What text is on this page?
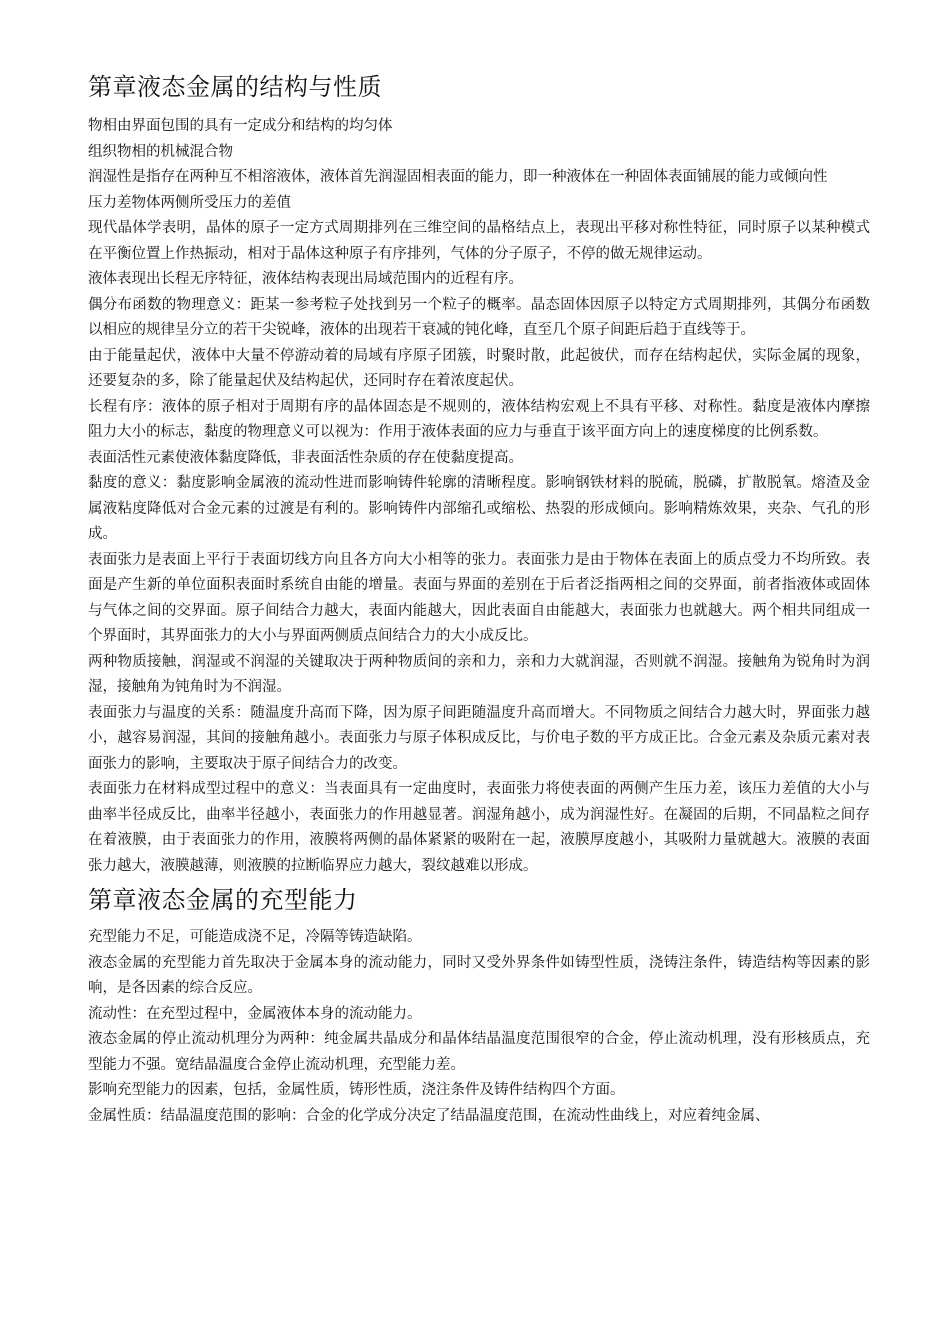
第章液态金属的结构与性质

物相由界面包围的具有一定成分和结构的均匀体

组织物相的机械混合物

润湿性是指存在两种互不相溶液体，液体首先润湿固相表面的能力，即一种液体在一种固体表面铺展的能力或倾向性

压力差物体两侧所受压力的差值

现代晶体学表明，晶体的原子一定方式周期排列在三维空间的晶格结点上，表现出平移对称性特征，同时原子以某种模式在平衡位置上作热振动，相对于晶体这种原子有序排列，气体的分子原子，不停的做无规律运动。

液体表现出长程无序特征，液体结构表现出局域范围内的近程有序。

偶分布函数的物理意义：距某一参考粒子处找到另一个粒子的概率。晶态固体因原子以特定方式周期排列，其偶分布函数以相应的规律呈分立的若干尖锐峰，液体的出现若干衰减的钝化峰，直至几个原子间距后趋于直线等于。

由于能量起伏，液体中大量不停游动着的局域有序原子团簇，时聚时散，此起彼伏，而存在结构起伏，实际金属的现象，还要复杂的多，除了能量起伏及结构起伏，还同时存在着浓度起伏。

长程有序：液体的原子相对于周期有序的晶体固态是不规则的，液体结构宏观上不具有平移、对称性。黏度是液体内摩擦阻力大小的标志，黏度的物理意义可以视为：作用于液体表面的应力与垂直于该平面方向上的速度梯度的比例系数。

表面活性元素使液体黏度降低，非表面活性杂质的存在使黏度提高。

黏度的意义：黏度影响金属液的流动性进而影响铸件轮廓的清晰程度。影响钢铁材料的脱硫，脱磷，扩散脱氧。熔渣及金属液粘度降低对合金元素的过渡是有利的。影响铸件内部缩孔或缩松、热裂的形成倾向。影响精炼效果，夹杂、气孔的形成。

表面张力是表面上平行于表面切线方向且各方向大小相等的张力。表面张力是由于物体在表面上的质点受力不均所致。表面是产生新的单位面积表面时系统自由能的增量。表面与界面的差别在于后者泛指两相之间的交界面，前者指液体或固体与气体之间的交界面。原子间结合力越大，表面内能越大，因此表面自由能越大，表面张力也就越大。两个相共同组成一个界面时，其界面张力的大小与界面两侧质点间结合力的大小成反比。

两种物质接触，润湿或不润湿的关键取决于两种物质间的亲和力，亲和力大就润湿，否则就不润湿。接触角为锐角时为润湿，接触角为钝角时为不润湿。

表面张力与温度的关系：随温度升高而下降，因为原子间距随温度升高而增大。不同物质之间结合力越大时，界面张力越小，越容易润湿，其间的接触角越小。表面张力与原子体积成反比，与价电子数的平方成正比。合金元素及杂质元素对表面张力的影响，主要取决于原子间结合力的改变。

表面张力在材料成型过程中的意义：当表面具有一定曲度时，表面张力将使表面的两侧产生压力差，该压力差值的大小与曲率半径成反比，曲率半径越小，表面张力的作用越显著。润湿角越小，成为润湿性好。在凝固的后期，不同晶粒之间存在着液膜，由于表面张力的作用，液膜将两侧的晶体紧紧的吸附在一起，液膜厚度越小，其吸附力量就越大。液膜的表面张力越大，液膜越薄，则液膜的拉断临界应力越大，裂纹越难以形成。

第章液态金属的充型能力

充型能力不足，可能造成浇不足，冷隔等铸造缺陷。

液态金属的充型能力首先取决于金属本身的流动能力，同时又受外界条件如铸型性质，浇铸注条件，铸造结构等因素的影响，是各因素的综合反应。

流动性：在充型过程中，金属液体本身的流动能力。

液态金属的停止流动机理分为两种：纯金属共晶成分和晶体结晶温度范围很窄的合金，停止流动机理，没有形核质点，充型能力不强。宽结晶温度合金停止流动机理，充型能力差。

影响充型能力的因素，包括，金属性质，铸形性质，浇注条件及铸件结构四个方面。

金属性质：结晶温度范围的影响：合金的化学成分决定了结晶温度范围，在流动性曲线上，对应着纯金属、
